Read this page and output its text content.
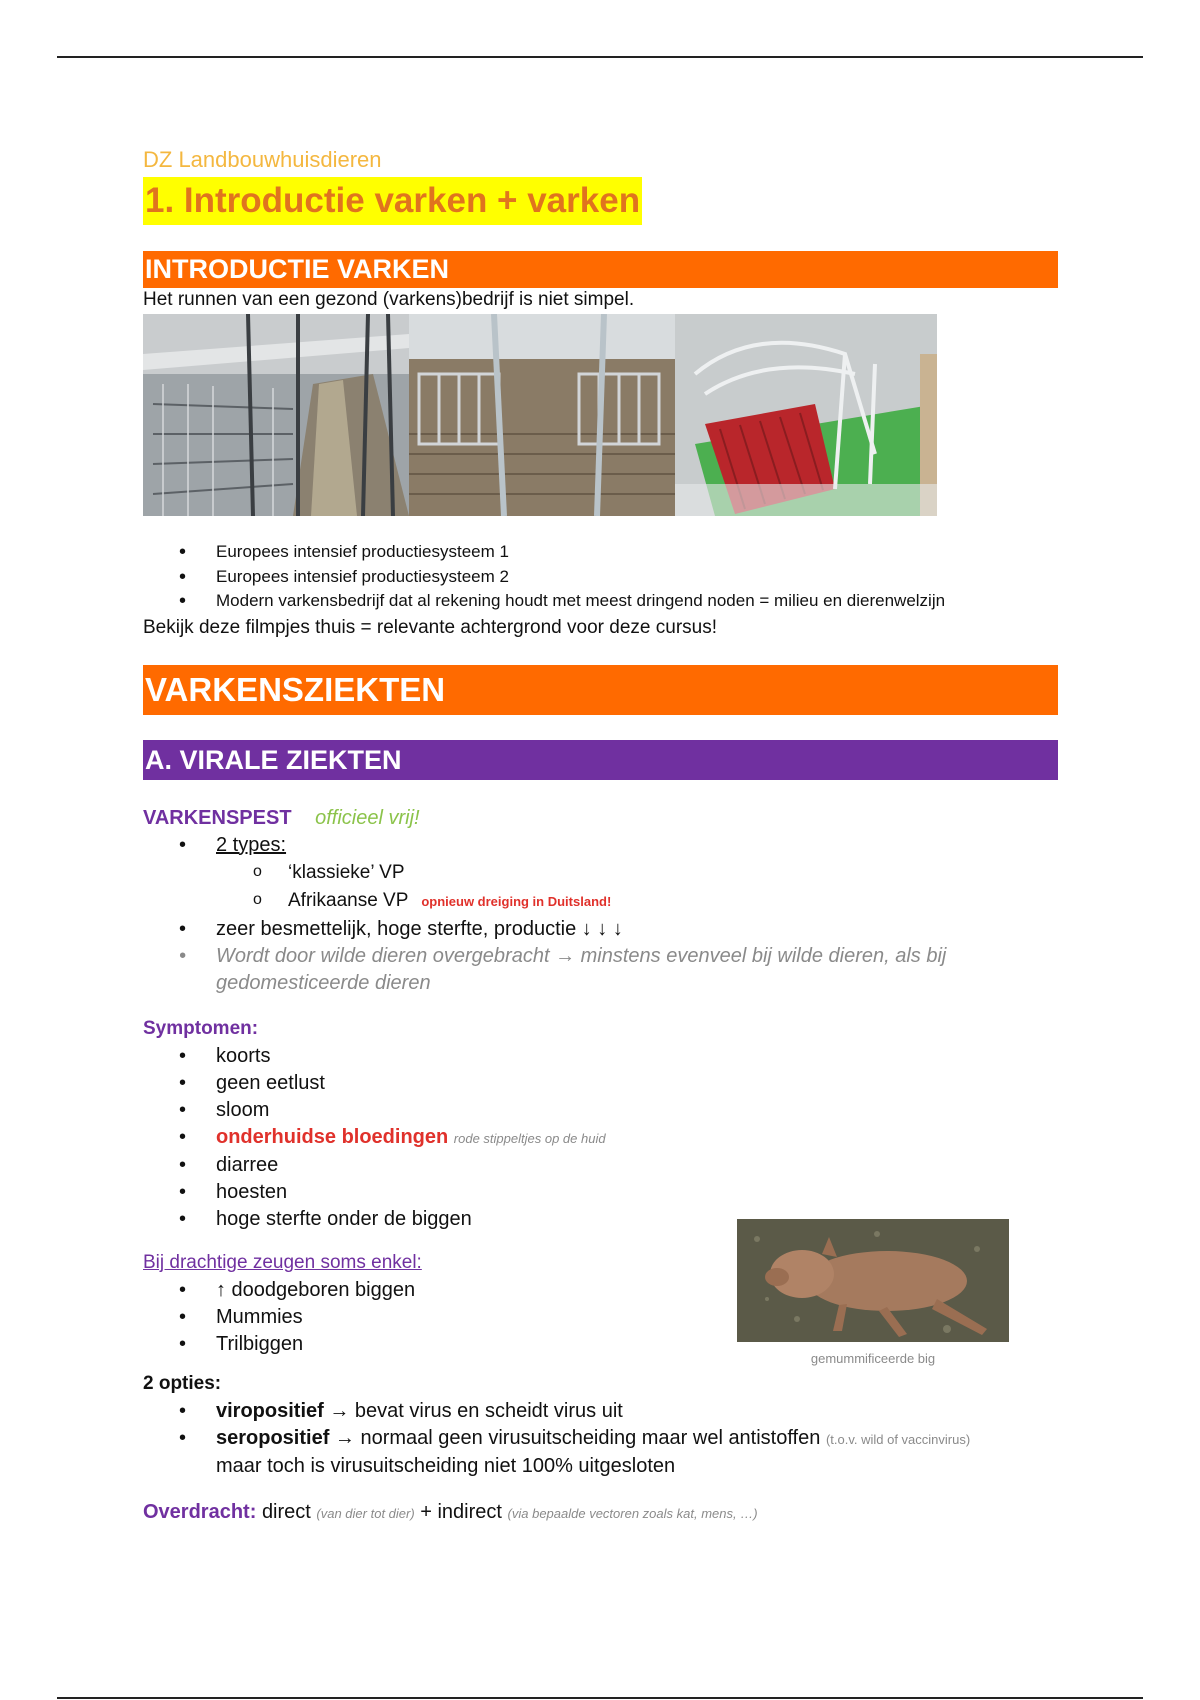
DZ Landbouwhuisdieren
1. Introductie varken + varken
INTRODUCTIE VARKEN

Het runnen van een gezond (varkens)bedrijf is niet simpel.

• Europees intensief productiesysteem 1
• Europees intensief productiesysteem 2
• Modern varkensbedrijf dat al rekening houdt met meest dringend noden = milieu en dierenwelzijn

Bekijk deze filmpjes thuis = relevante achtergrond voor deze cursus!

VARKENSZIEKTEN
A. VIRALE ZIEKTEN
VARKENSPEST officieel vrij!
• 2 types:
o ‘klassieke’ VP
o Afrikaanse VP opnieuw dreiging in Duitsland!
• zeer besmettelijk, hoge sterfte, productie ↓ ↓ ↓
• Wordt door wilde dieren overgebracht → minstens evenveel bij wilde dieren, als bij gedomesticeerde dieren
Symptomen:
• koorts
• geen eetlust
• sloom
• onderhuidse bloedingen rode stippeltjes op de huid
• diarree
• hoesten
• hoge sterfte onder de biggen
Bij drachtige zeugen soms enkel:
• ↑ doodgeboren biggen
• Mummies
• Trilbiggen
gemummificeerde big
2 opties:
• viropositief → bevat virus en scheidt virus uit
• seropositief → normaal geen virusuitscheiding maar wel antistoffen (t.o.v. wild of vaccinvirus)
maar toch is virusuitscheiding niet 100% uitgesloten
Overdracht: direct (van dier tot dier) + indirect (via bepaalde vectoren zoals kat, mens, …)
